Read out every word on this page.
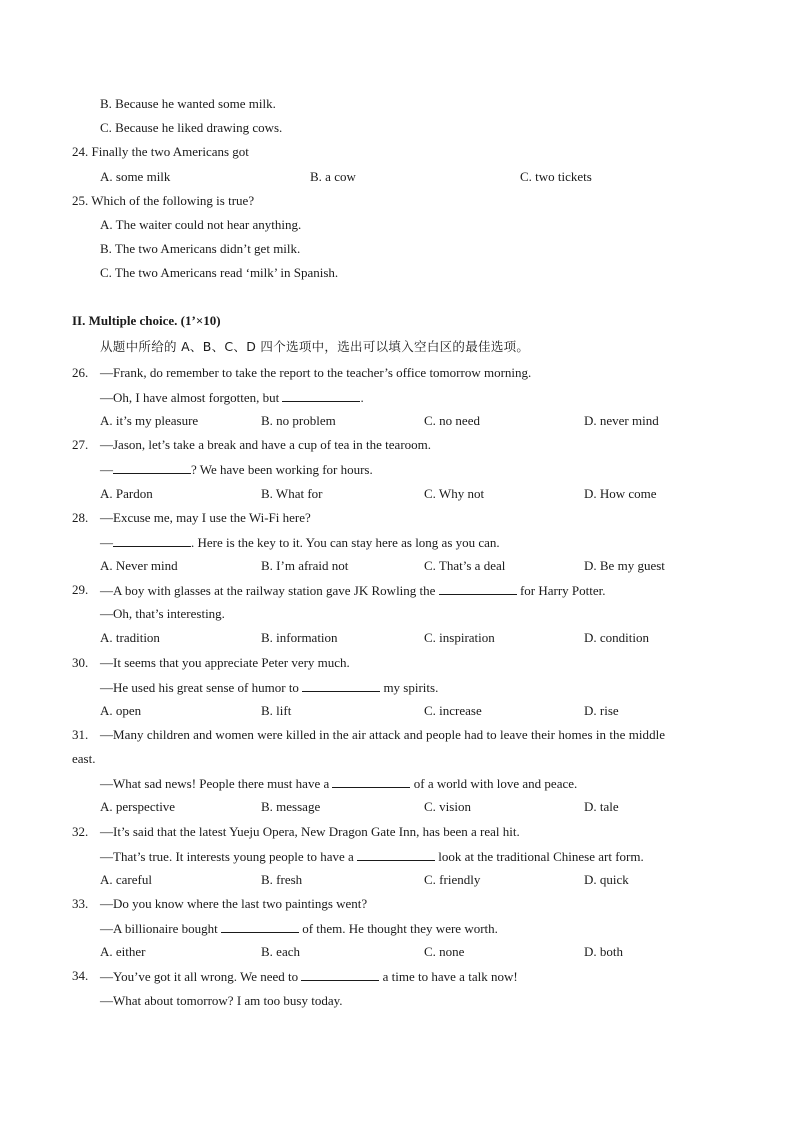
B. Because he wanted some milk.
C. Because he liked drawing cows.
24. Finally the two Americans got
A. some milk	B. a cow	C. two tickets
25. Which of the following is true?
A. The waiter could not hear anything.
B. The two Americans didn’t get milk.
C. The two Americans read ‘milk’ in Spanish.
II. Multiple choice. (1’×10)
从题中所给的 A、B、C、D 四个选项中，选出可以填入空白区的最佳选项。
26. —Frank, do remember to take the report to the teacher’s office tomorrow morning.
—Oh, I have almost forgotten, but	.
A. it’s my pleasure	B. no problem	C. no need	D. never mind
27. —Jason, let’s take a break and have a cup of tea in the tearoom.
—	? We have been working for hours.
A. Pardon	B. What for	C. Why not	D. How come
28. —Excuse me, may I use the Wi-Fi here?
—	. Here is the key to it. You can stay here as long as you can.
A. Never mind	B. I’m afraid not	C. That’s a deal	D. Be my guest
29. —A boy with glasses at the railway station gave JK Rowling the	for Harry Potter.
—Oh, that’s interesting.
A. tradition	B. information	C. inspiration	D. condition
30. —It seems that you appreciate Peter very much.
—He used his great sense of humor to	my spirits.
A. open	B. lift	C. increase	D. rise
31. —Many children and women were killed in the air attack and people had to leave their homes in the middle
east.
—What sad news! People there must have a	of a world with love and peace.
A. perspective	B. message	C. vision	D. tale
32. —It’s said that the latest Yueju Opera, New Dragon Gate Inn, has been a real hit.
—That’s true. It interests young people to have a	look at the traditional Chinese art form.
A. careful	B. fresh	C. friendly	D. quick
33. —Do you know where the last two paintings went?
—A billionaire bought	of them. He thought they were worth.
A. either	B. each	C. none	D. both
34. —You’ve got it all wrong. We need to	a time to have a talk now!
—What about tomorrow? I am too busy today.
